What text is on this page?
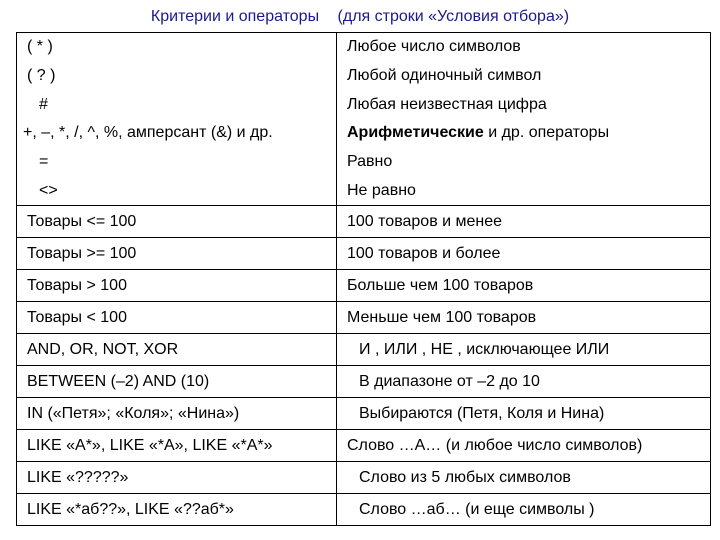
Критерии и операторы (для строки «Условия отбора»)
( * )	Любое число символов
( ? )	Любой одиночный символ
#	Любая неизвестная цифра
+, –, *, /, ^, %, амперсант (&) и др.	Арифметические и др. операторы
=	Равно
<>	Не равно
Товары <= 100	100 товаров и менее
Товары >= 100	100 товаров и более
Товары > 100	Больше чем 100 товаров
Товары < 100	Меньше чем 100 товаров
AND, OR, NOT, XOR	И , ИЛИ , НЕ , исключающее ИЛИ
BETWEEN (–2) AND (10)	В диапазоне от –2 до 10
IN («Петя»; «Коля»; «Нина»)	Выбираются (Петя, Коля и Нина)
LIKE «А*», LIKE «*А», LIKE «*А*»	Слово …А… (и любое число символов)
LIKE «?????»	Слово из 5 любых символов
LIKE «*аб??», LIKE «??аб*»	Слово …аб… (и еще символы )
